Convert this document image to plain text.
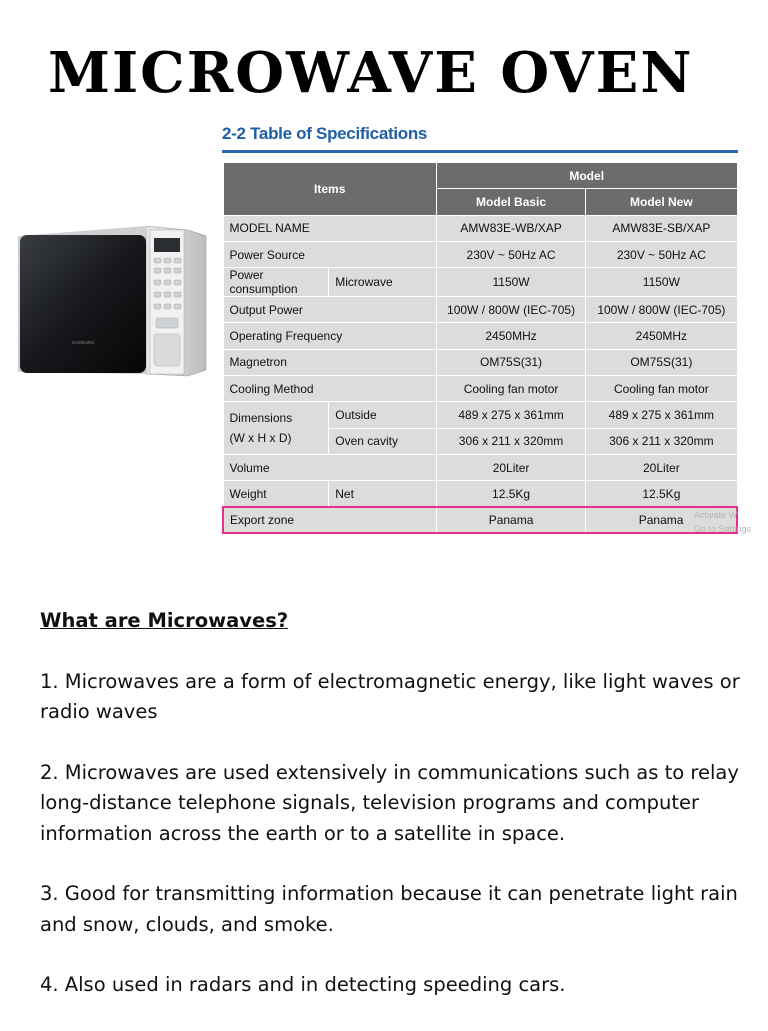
MICROWAVE OVEN
SAMSUNG
2-2 Table of Specifications
Items		Model	
		Model Basic	Model New
MODEL NAME		AMW83E-WB/XAP	AMW83E-SB/XAP
Power Source		230V ~ 50Hz AC	230V ~ 50Hz AC
Power consumption	Microwave	1150W	1150W
Output Power		100W / 800W (IEC-705)	100W / 800W (IEC-705)
Operating Frequency		2450MHz	2450MHz
Magnetron		OM75S(31)	OM75S(31)
Cooling Method		Cooling fan motor	Cooling fan motor
Dimensions
(W x H x D)	Outside	489 x 275 x 361mm	489 x 275 x 361mm
	Oven cavity	306 x 211 x 320mm	306 x 211 x 320mm
Volume		20Liter	20Liter
Weight	Net	12.5Kg	12.5Kg
Export zone		Panama	Panama Activate W
Go to Settings
What are Microwaves?

1. Microwaves are a form of electromagnetic energy, like light waves or radio waves

2. Microwaves are used extensively in communications such as to relay long-distance telephone signals, television programs and computer information across the earth or to a satellite in space.

3. Good for transmitting information because it can penetrate light rain and snow, clouds, and smoke.

4. Also used in radars and in detecting speeding cars.
